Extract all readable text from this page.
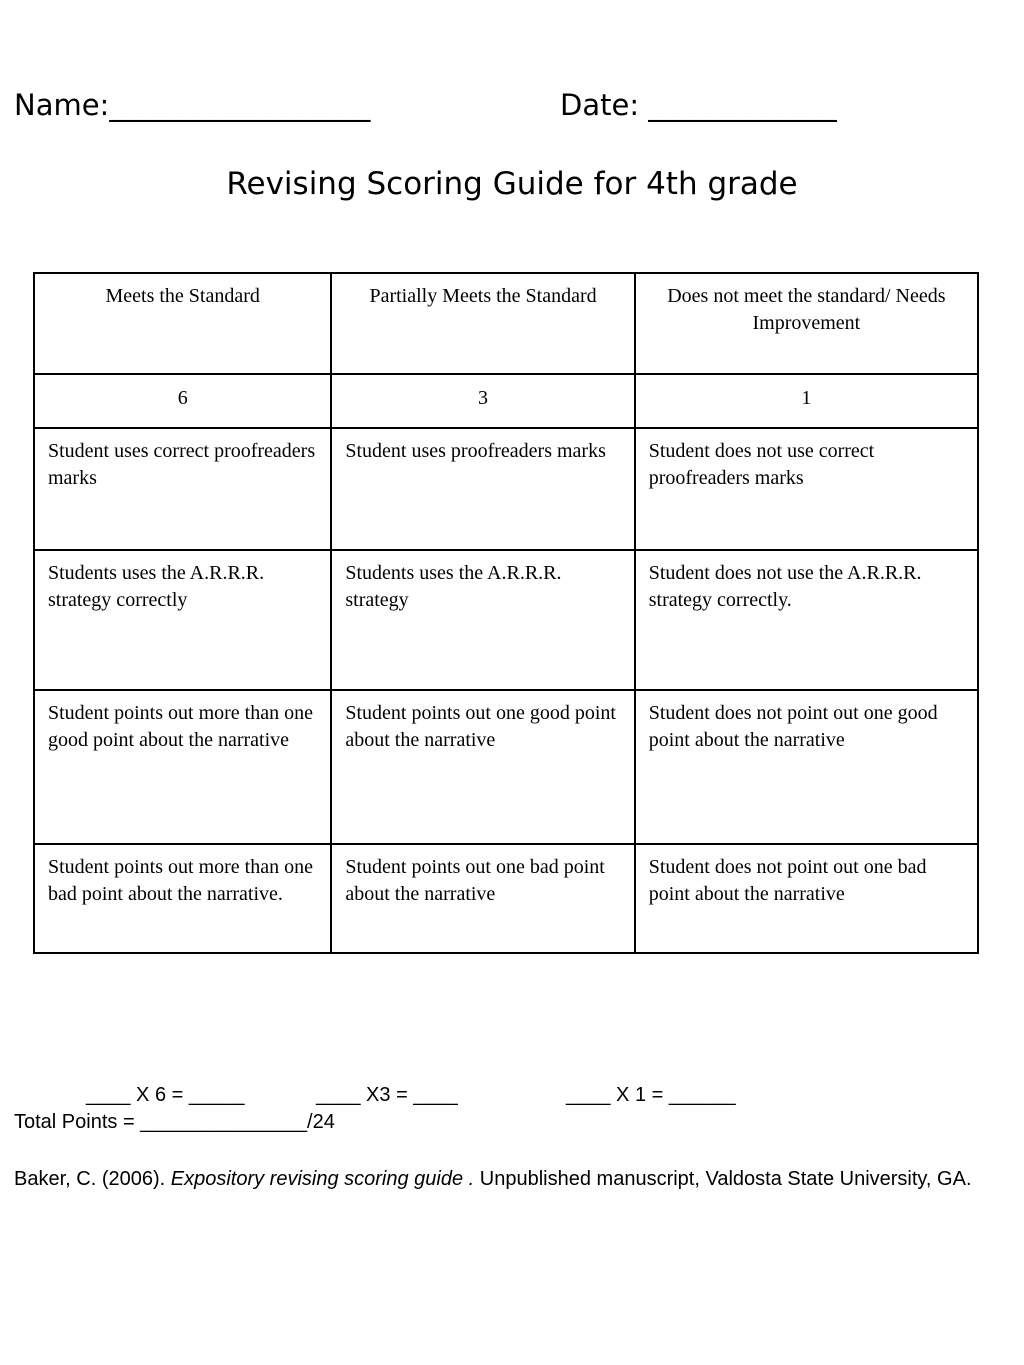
Name:__________________	Date: _____________
Revising Scoring Guide for 4th grade
Meets the Standard	Partially Meets the Standard	Does not meet the standard/ Needs Improvement
6	3	1
Student uses correct proofreaders marks	Student uses proofreaders marks	Student does not use correct proofreaders marks
Students uses the A.R.R.R. strategy correctly	Students uses the A.R.R.R. strategy	Student does not use the A.R.R.R. strategy correctly.
Student points out more than one good point about the narrative	Student points out one good point about the narrative	Student does not point out one good point about the narrative
Student points out more than one bad point about the narrative.	Student points out one bad point about the narrative	Student does not point out one bad point about the narrative
____ X 6 = _____	____ X3 = ____	____ X 1 = ______
Total Points = _______________/24
Baker, C. (2006). Expository revising scoring guide . Unpublished manuscript, Valdosta State University, GA.
